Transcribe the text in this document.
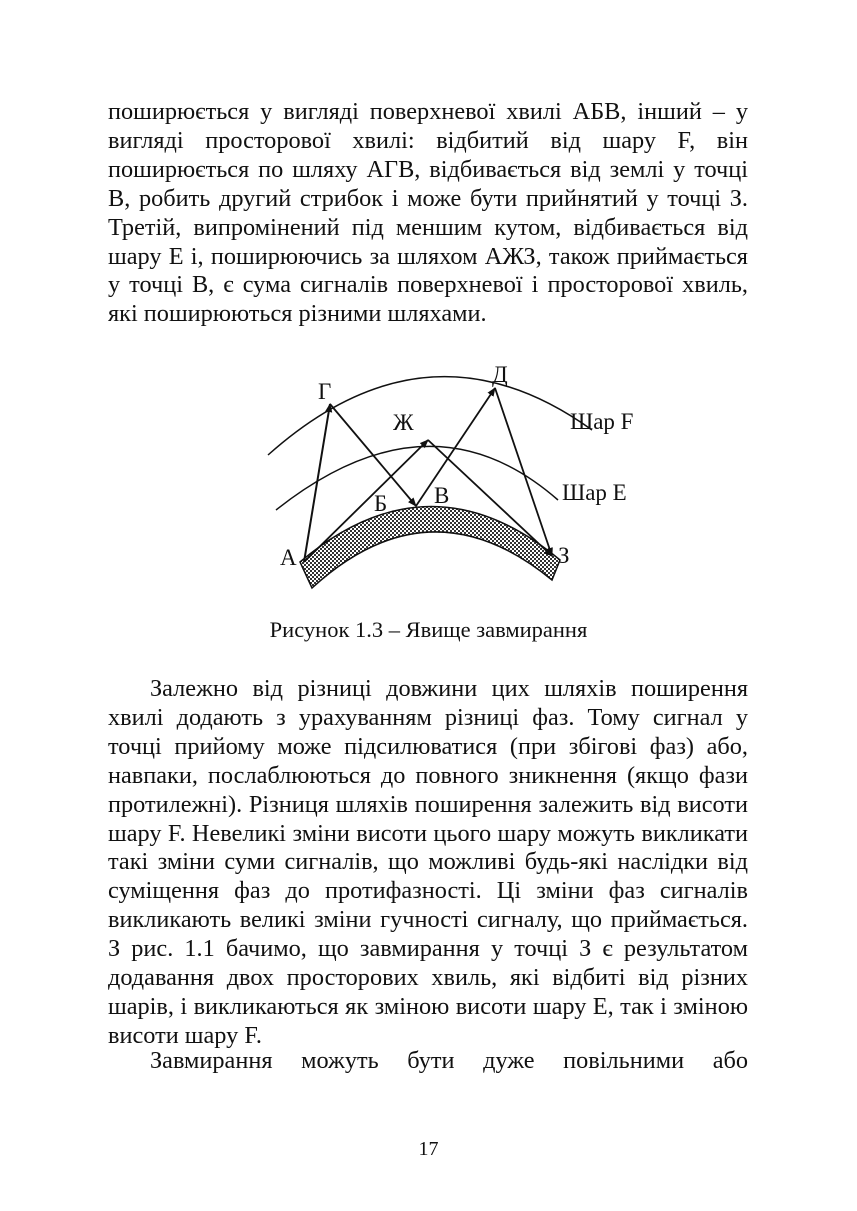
поширюється у вигляді поверхневої хвилі АБВ, інший – у вигляді просторової хвилі: відбитий від шару F, він поширюється по шляху АГВ, відбивається від землі у точці В, робить другий стрибок і може бути прийнятий у точці З. Третій, випромінений під меншим кутом, відбивається від шару Е і, поширюючись за шляхом АЖЗ, також приймається у точці В, є сума сигналів поверхневої і просторової хвиль, які поширюються різними шляхами.

А
Б В
Г
Д
Ж
З
Шар F
Шар Е

Рисунок 1.3 – Явище завмирання

Залежно від різниці довжини цих шляхів поширення хвилі додають з урахуванням різниці фаз. Тому сигнал у точці прийому може підсилюватися (при збігові фаз) або, навпаки, послаблюються до повного зникнення (якщо фази протилежні). Різниця шляхів поширення залежить від висоти шару F. Невеликі зміни висоти цього шару можуть викликати такі зміни суми сигналів, що можливі будь-які наслідки від суміщення фаз до протифазності. Ці зміни фаз сигналів викликають великі зміни гучності сигналу, що приймається. З рис. 1.1 бачимо, що завмирання у точці З є результатом додавання двох просторових хвиль, які відбиті від різних шарів, і викликаються як зміною висоти шару Е, так і зміною висоти шару F.

Завмирання можуть бути дуже повільними або

17
